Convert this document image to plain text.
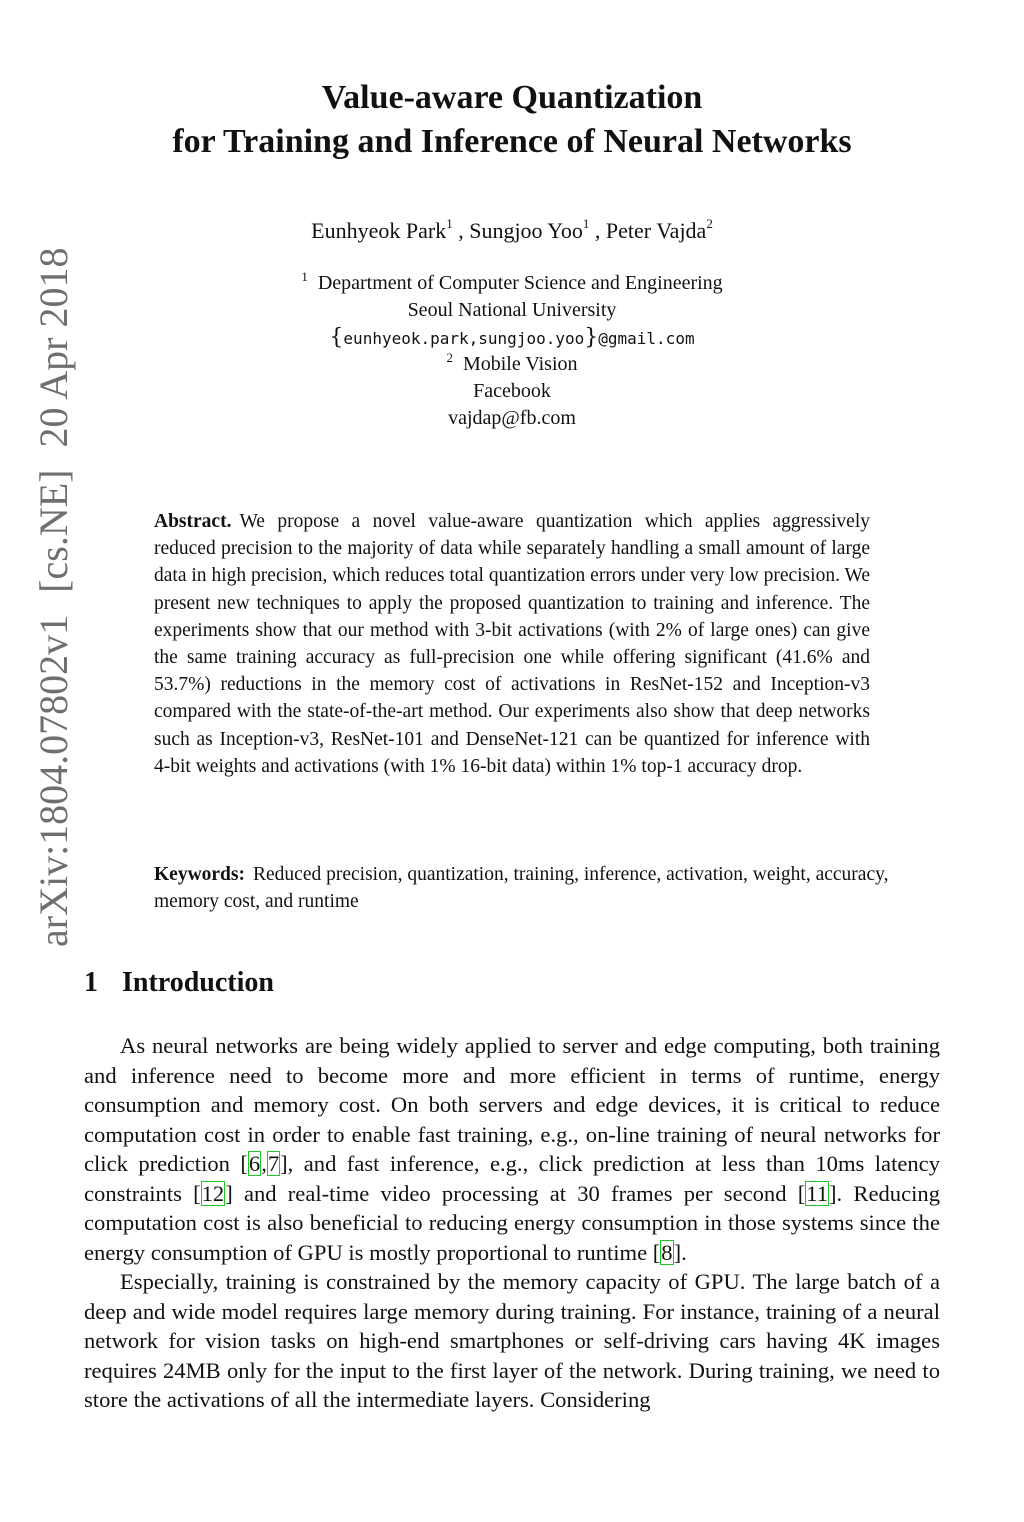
arXiv:1804.07802v1[cs.NE]20 Apr 2018
Value-aware Quantization
for Training and Inference of Neural Networks
Eunhyeok Park$^1$ , Sungjoo Yoo$^1$ , Peter Vajda$^2$
$^1$ Department of Computer Science and Engineering
Seoul National University
{eunhyeok.park,sungjoo.yoo}@gmail.com
$^2$ Mobile Vision
Facebook
vajdap@fb.com
Abstract. We propose a novel value-aware quantization which applies aggressively reduced precision to the majority of data while separately handling a small amount of large data in high precision, which reduces total quantization errors under very low precision. We present new techniques to apply the proposed quantization to training and inference. The experiments show that our method with 3-bit activations (with 2% of large ones) can give the same training accuracy as full-precision one while offering significant (41.6% and 53.7%) reductions in the memory cost of activations in ResNet-152 and Inception-v3 compared with the state-of-the-art method. Our experiments also show that deep networks such as Inception-v3, ResNet-101 and DenseNet-121 can be quantized for inference with 4-bit weights and activations (with 1% 16-bit data) within 1% top-1 accuracy drop.
Keywords: Reduced precision, quantization, training, inference, activation, weight, accuracy, memory cost, and runtime
1 Introduction

As neural networks are being widely applied to server and edge computing, both training and inference need to become more and more efficient in terms of runtime, energy consumption and memory cost. On both servers and edge devices, it is critical to reduce computation cost in order to enable fast training, e.g., on-line training of neural networks for click prediction [6,7], and fast inference, e.g., click prediction at less than 10ms latency constraints [12] and real-time video processing at 30 frames per second [11]. Reducing computation cost is also beneficial to reducing energy consumption in those systems since the energy consumption of GPU is mostly proportional to runtime [8].

Especially, training is constrained by the memory capacity of GPU. The large batch of a deep and wide model requires large memory during training. For instance, training of a neural network for vision tasks on high-end smartphones or self-driving cars having 4K images requires 24MB only for the input to the first layer of the network. During training, we need to store the activations of all the intermediate layers. Considering
